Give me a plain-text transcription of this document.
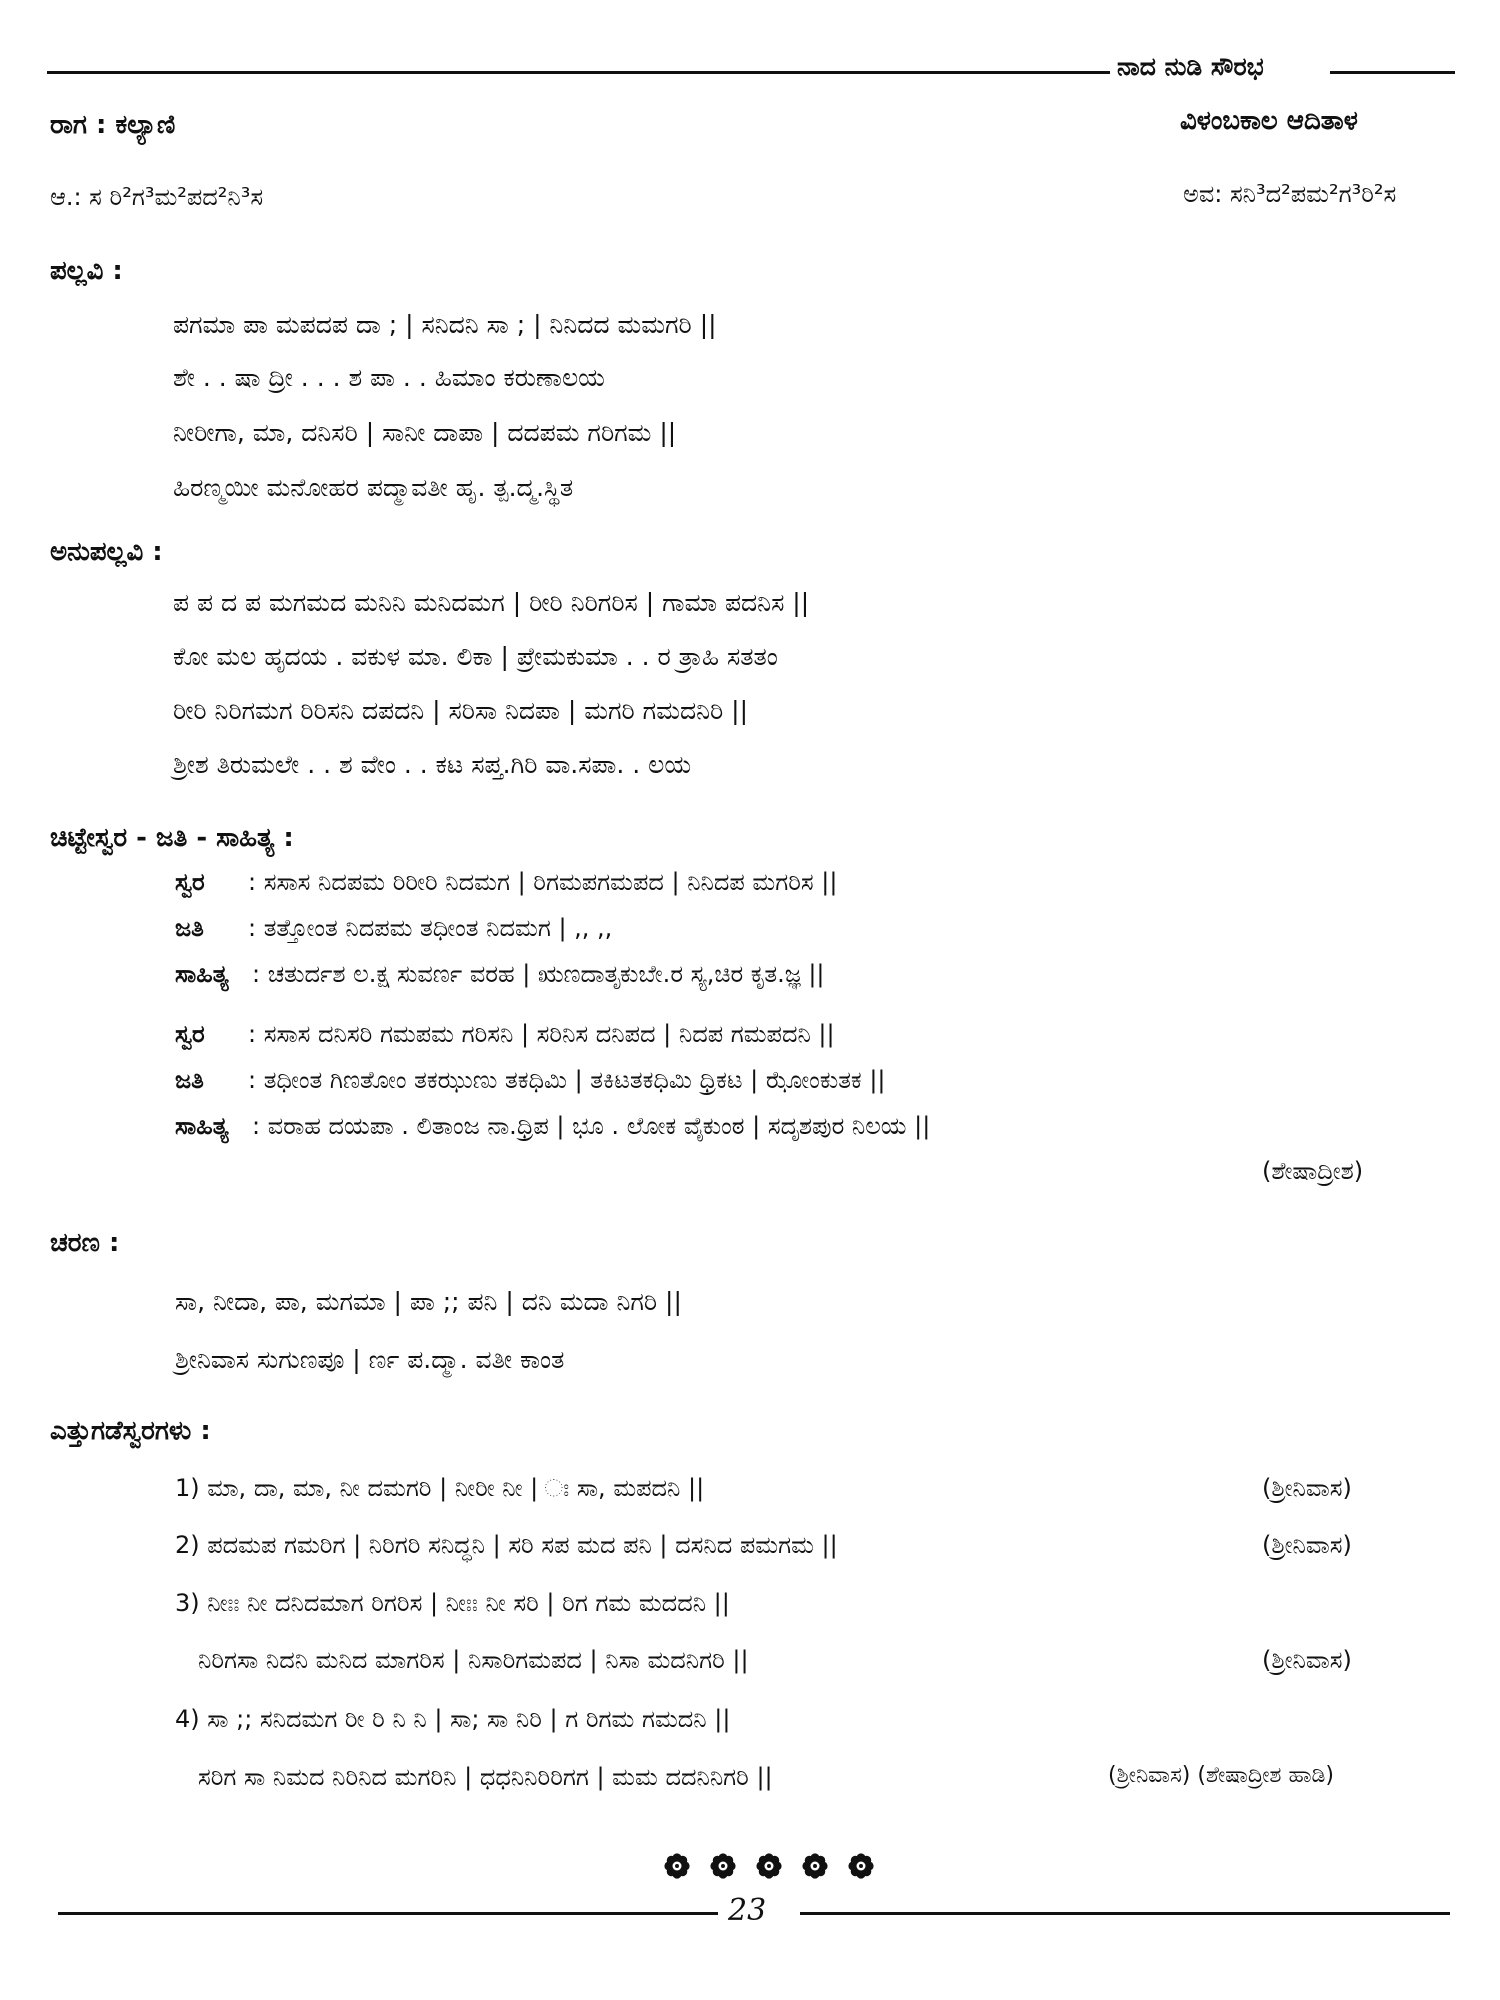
ನಾದ ನುಡಿ ಸೌರಭ
ರಾಗ : ಕಲ್ಯಾಣಿ	ವಿಳಂಬಕಾಲ ಆದಿತಾಳ
ಆ.: ಸ ರಿ²ಗ³ಮ²ಪದ²ನಿ³ಸ	ಅವ: ಸನಿ³ದ²ಪಮ²ಗ³ರಿ²ಸ
ಪಲ್ಲವಿ :
ಪಗಮಾ ಪಾ ಮಪದಪ ದಾ ; | ಸನಿದನಿ ಸಾ ; | ನಿನಿದದ ಮಮಗರಿ ||
ಶೇ . . ಷಾ ದ್ರೀ . . . ಶ ಪಾ . . ಹಿಮಾಂ ಕರುಣಾಲಯ
ನೀರೀಗಾ, ಮಾ, ದನಿಸರಿ | ಸಾನೀ ದಾಪಾ | ದದಪಮ ಗರಿಗಮ ||
ಹಿರಣ್ಮಯೀ ಮನೋಹರ ಪದ್ಮಾವತೀ ಹೃ. ತ್ಪ.ದ್ಮ.ಸ್ಥಿತ
ಅನುಪಲ್ಲವಿ :
ಪ ಪ ದ ಪ ಮಗಮದ ಮನಿನಿ ಮನಿದಮಗ | ರೀರಿ ನಿರಿಗರಿಸ | ಗಾಮಾ ಪದನಿಸ ||
ಕೋ ಮಲ ಹೃದಯ . ವಕುಳ ಮಾ. ಲಿಕಾ | ಪ್ರೇಮಕುಮಾ . . ರ ತ್ರಾಹಿ ಸತತಂ
ರೀರಿ ನಿರಿಗಮಗ ರಿರಿಸನಿ ದಪದನಿ | ಸರಿಸಾ ನಿದಪಾ | ಮಗರಿ ಗಮದನಿರಿ ||
ಶ್ರೀಶ ತಿರುಮಲೇ . . ಶ ವೇಂ . . ಕಟ ಸಪ್ತ.ಗಿರಿ ವಾ.ಸಪಾ. . ಲಯ
ಚಿಟ್ಟೇಸ್ವರ - ಜತಿ - ಸಾಹಿತ್ಯ :
ಸ್ವರ : ಸಸಾಸ ನಿದಪಮ ರಿರೀರಿ ನಿದಮಗ | ರಿಗಮಪಗಮಪದ | ನಿನಿದಪ ಮಗರಿಸ ||
ಜತಿ : ತತ್ತೋಂತ ನಿದಪಮ ತಧೀಂತ ನಿದಮಗ | ,, ,,
ಸಾಹಿತ್ಯ : ಚತುರ್ದಶ ಲ.ಕ್ಷ ಸುವರ್ಣ ವರಹ | ಋಣದಾತೃಕುಬೇ.ರ ಸ್ಯ,ಚಿರ ಕೃತ.ಜ್ಞ ||
ಸ್ವರ : ಸಸಾಸ ದನಿಸರಿ ಗಮಪಮ ಗರಿಸನಿ | ಸರಿನಿಸ ದನಿಪದ | ನಿದಪ ಗಮಪದನಿ ||
ಜತಿ : ತಧೀಂತ ಗಿಣತೋಂ ತಕಝುಣು ತಕಧಿಮಿ | ತಕಿಟತಕಧಿಮಿ ಧ್ರಿಕಟ | ಝೋಂಕುತಕ ||
ಸಾಹಿತ್ಯ : ವರಾಹ ದಯಪಾ . ಲಿತಾಂಜ ನಾ.ಧ್ರಿಪ | ಭೂ . ಲೋಕ ವೈಕುಂಠ | ಸದೃಶಪುರ ನಿಲಯ ||
(ಶೇಷಾದ್ರೀಶ)
ಚರಣ :
ಸಾ, ನೀದಾ, ಪಾ, ಮಗಮಾ | ಪಾ ;; ಪನಿ | ದನಿ ಮದಾ ನಿಗರಿ ||
ಶ್ರೀನಿವಾಸ ಸುಗುಣಪೂ | ರ್ಣ ಪ.ದ್ಮಾ. ವತೀ ಕಾಂತ
ಎತ್ತುಗಡೆಸ್ವರಗಳು :
1) ಮಾ, ದಾ, ಮಾ, ನೀ ದಮಗರಿ | ನೀರೀ ನೀ | ಃ ಸಾ, ಮಪದನಿ ||	(ಶ್ರೀನಿವಾಸ)
2) ಪದಮಪ ಗಮರಿಗ | ನಿರಿಗರಿ ಸನಿದ್ಧನಿ | ಸರಿ ಸಪ ಮದ ಪನಿ | ದಸನಿದ ಪಮಗಮ ||	(ಶ್ರೀನಿವಾಸ)
3) ನೀಃಃ ನೀ ದನಿದಮಾಗ ರಿಗರಿಸ | ನೀಃಃ ನೀ ಸರಿ | ರಿಗ ಗಮ ಮದದನಿ ||
ನಿರಿಗಸಾ ನಿದನಿ ಮನಿದ ಮಾಗರಿಸ | ನಿಸಾರಿಗಮಪದ | ನಿಸಾ ಮದನಿಗರಿ ||	(ಶ್ರೀನಿವಾಸ)
4) ಸಾ ;; ಸನಿದಮಗ ರೀ ರಿ ನಿ ನಿ | ಸಾ; ಸಾ ನಿರಿ | ಗ ರಿಗಮ ಗಮದನಿ ||
ಸರಿಗ ಸಾ ನಿಮದ ನಿರಿನಿದ ಮಗರಿನಿ | ಧಧನಿನಿರಿರಿಗಗ | ಮಮ ದದನಿನಿಗರಿ ||	(ಶ್ರೀನಿವಾಸ) (ಶೇಷಾದ್ರೀಶ ಹಾಡಿ)
23
